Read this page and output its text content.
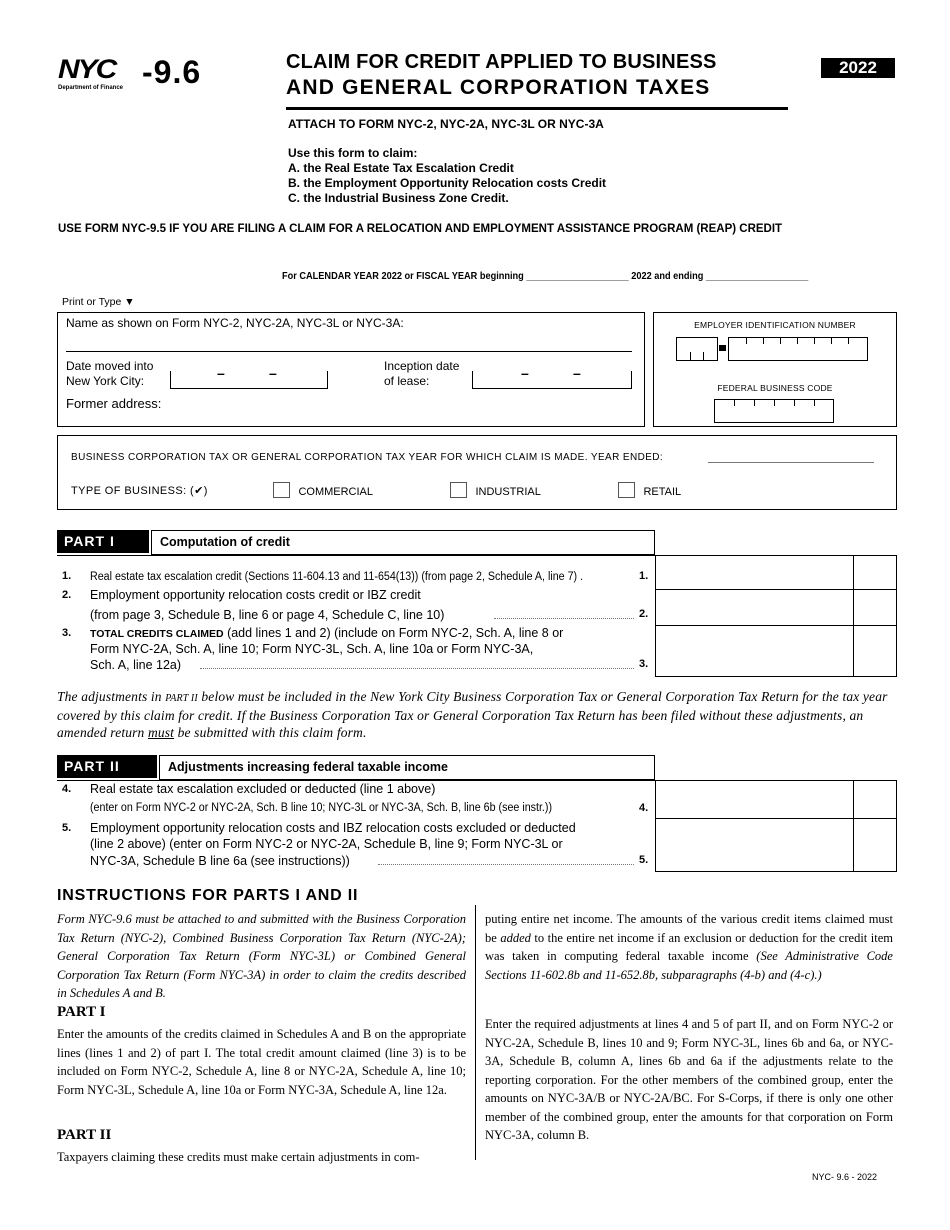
NYC
Department of Finance -9.6	CLAIM FOR CREDIT APPLIED TO BUSINESS
AND GENERAL CORPORATION TAXES
2022
ATTACH TO FORM NYC-2, NYC-2A, NYC-3L OR NYC-3A
Use this form to claim:
A. the Real Estate Tax Escalation Credit
B. the Employment Opportunity Relocation costs Credit
C. the Industrial Business Zone Credit.
USE FORM NYC-9.5 IF YOU ARE FILING A CLAIM FOR A RELOCATION AND EMPLOYMENT ASSISTANCE PROGRAM (REAP) CREDIT
For CALENDAR YEAR 2022 or FISCAL YEAR beginning ____________________ 2022 and ending ____________________
Print or Type ▼
Name as shown on Form NYC-2, NYC-2A, NYC-3L or NYC-3A:
Date moved into
New York City:	–	–	Inception date
of lease:	–	–
Former address:
EMPLOYER IDENTIFICATION NUMBER
FEDERAL BUSINESS CODE
BUSINESS CORPORATION TAX OR GENERAL CORPORATION TAX YEAR FOR WHICH CLAIM IS MADE. YEAR ENDED:
TYPE OF BUSINESS: (✔)	COMMERCIAL	INDUSTRIAL	RETAIL
PART I	Computation of credit
1. Real estate tax escalation credit (Sections 11-604.13 and 11-654(13)) (from page 2, Schedule A, line 7) .	1.
2. Employment opportunity relocation costs credit or IBZ credit
(from page 3, Schedule B, line 6 or page 4, Schedule C, line 10)	2.
3. TOTAL CREDITS CLAIMED (add lines 1 and 2) (include on Form NYC-2, Sch. A, line 8 or
Form NYC-2A, Sch. A, line 10; Form NYC-3L, Sch. A, line 10a or Form NYC-3A,
Sch. A, line 12a)	3.
The adjustments in PART II below must be included in the New York City Business Corporation Tax or General Corporation Tax Return for the tax year covered by this claim for credit. If the Business Corporation Tax or General Corporation Tax Return has been filed without these adjustments, an amended return must be submitted with this claim form.
PART II	Adjustments increasing federal taxable income
4. Real estate tax escalation excluded or deducted (line 1 above)
(enter on Form NYC-2 or NYC-2A, Sch. B line 10; NYC-3L or NYC-3A, Sch. B, line 6b (see instr.))	4.
5. Employment opportunity relocation costs and IBZ relocation costs excluded or deducted
(line 2 above) (enter on Form NYC-2 or NYC-2A, Schedule B, line 9; Form NYC-3L or
NYC-3A, Schedule B line 6a (see instructions))	5.
INSTRUCTIONS FOR PARTS I AND II
Form NYC-9.6 must be attached to and submitted with the Business Corporation Tax Return (NYC-2), Combined Business Corporation Tax Return (NYC-2A); General Corporation Tax Return (Form NYC-3L) or Combined General Corporation Tax Return (Form NYC-3A) in order to claim the credits described in Schedules A and B.
PART I
Enter the amounts of the credits claimed in Schedules A and B on the appropriate lines (lines 1 and 2) of part I. The total credit amount claimed (line 3) is to be included on Form NYC-2, Schedule A, line 8 or NYC-2A, Schedule A, line 10; Form NYC-3L, Schedule A, line 10a or Form NYC-3A, Schedule A, line 12a.
PART II
Taxpayers claiming these credits must make certain adjustments in com-
puting entire net income. The amounts of the various credit items claimed must be added to the entire net income if an exclusion or deduction for the credit item was taken in computing federal taxable income (See Administrative Code Sections 11-602.8b and 11-652.8b, subparagraphs (4-b) and (4-c).)
Enter the required adjustments at lines 4 and 5 of part II, and on Form NYC-2 or NYC-2A, Schedule B, lines 10 and 9; Form NYC-3L, lines 6b and 6a, or NYC-3A, Schedule B, column A, lines 6b and 6a if the adjustments relate to the reporting corporation. For the other members of the combined group, enter the amounts on NYC-3A/B or NYC-2A/BC. For S-Corps, if there is only one other member of the combined group, enter the amounts for that corporation on Form NYC-3A, column B.
NYC- 9.6 - 2022
